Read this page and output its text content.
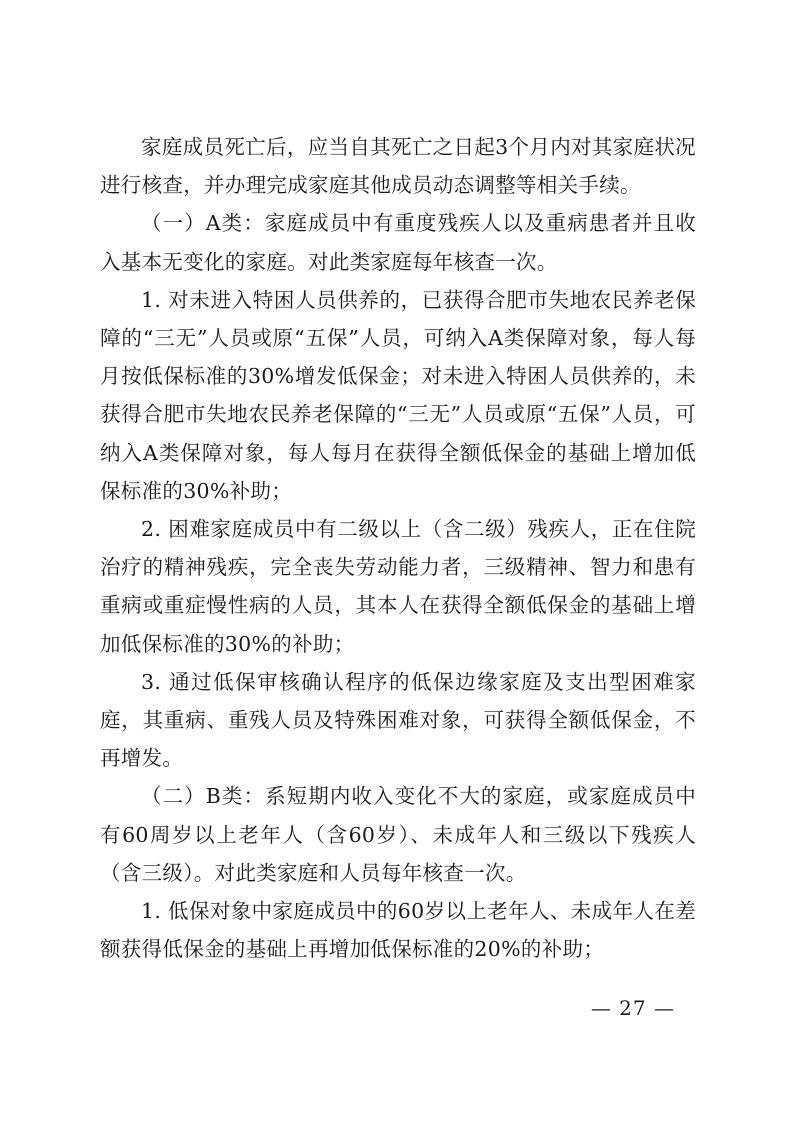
家庭成员死亡后，应当自其死亡之日起3个月内对其家庭状况进行核查，并办理完成家庭其他成员动态调整等相关手续。

（一）A类：家庭成员中有重度残疾人以及重病患者并且收入基本无变化的家庭。对此类家庭每年核查一次。

1. 对未进入特困人员供养的，已获得合肥市失地农民养老保障的“三无”人员或原“五保”人员，可纳入A类保障对象，每人每月按低保标准的30%增发低保金；对未进入特困人员供养的，未获得合肥市失地农民养老保障的“三无”人员或原“五保”人员，可纳入A类保障对象，每人每月在获得全额低保金的基础上增加低保标准的30%补助；

2. 困难家庭成员中有二级以上（含二级）残疾人，正在住院治疗的精神残疾，完全丧失劳动能力者，三级精神、智力和患有重病或重症慢性病的人员，其本人在获得全额低保金的基础上增加低保标准的30%的补助；

3. 通过低保审核确认程序的低保边缘家庭及支出型困难家庭，其重病、重残人员及特殊困难对象，可获得全额低保金，不再增发。

（二）B类：系短期内收入变化不大的家庭，或家庭成员中有60周岁以上老年人（含60岁）、未成年人和三级以下残疾人（含三级）。对此类家庭和人员每年核查一次。

1. 低保对象中家庭成员中的60岁以上老年人、未成年人在差额获得低保金的基础上再增加低保标准的20%的补助；

— 27 —
